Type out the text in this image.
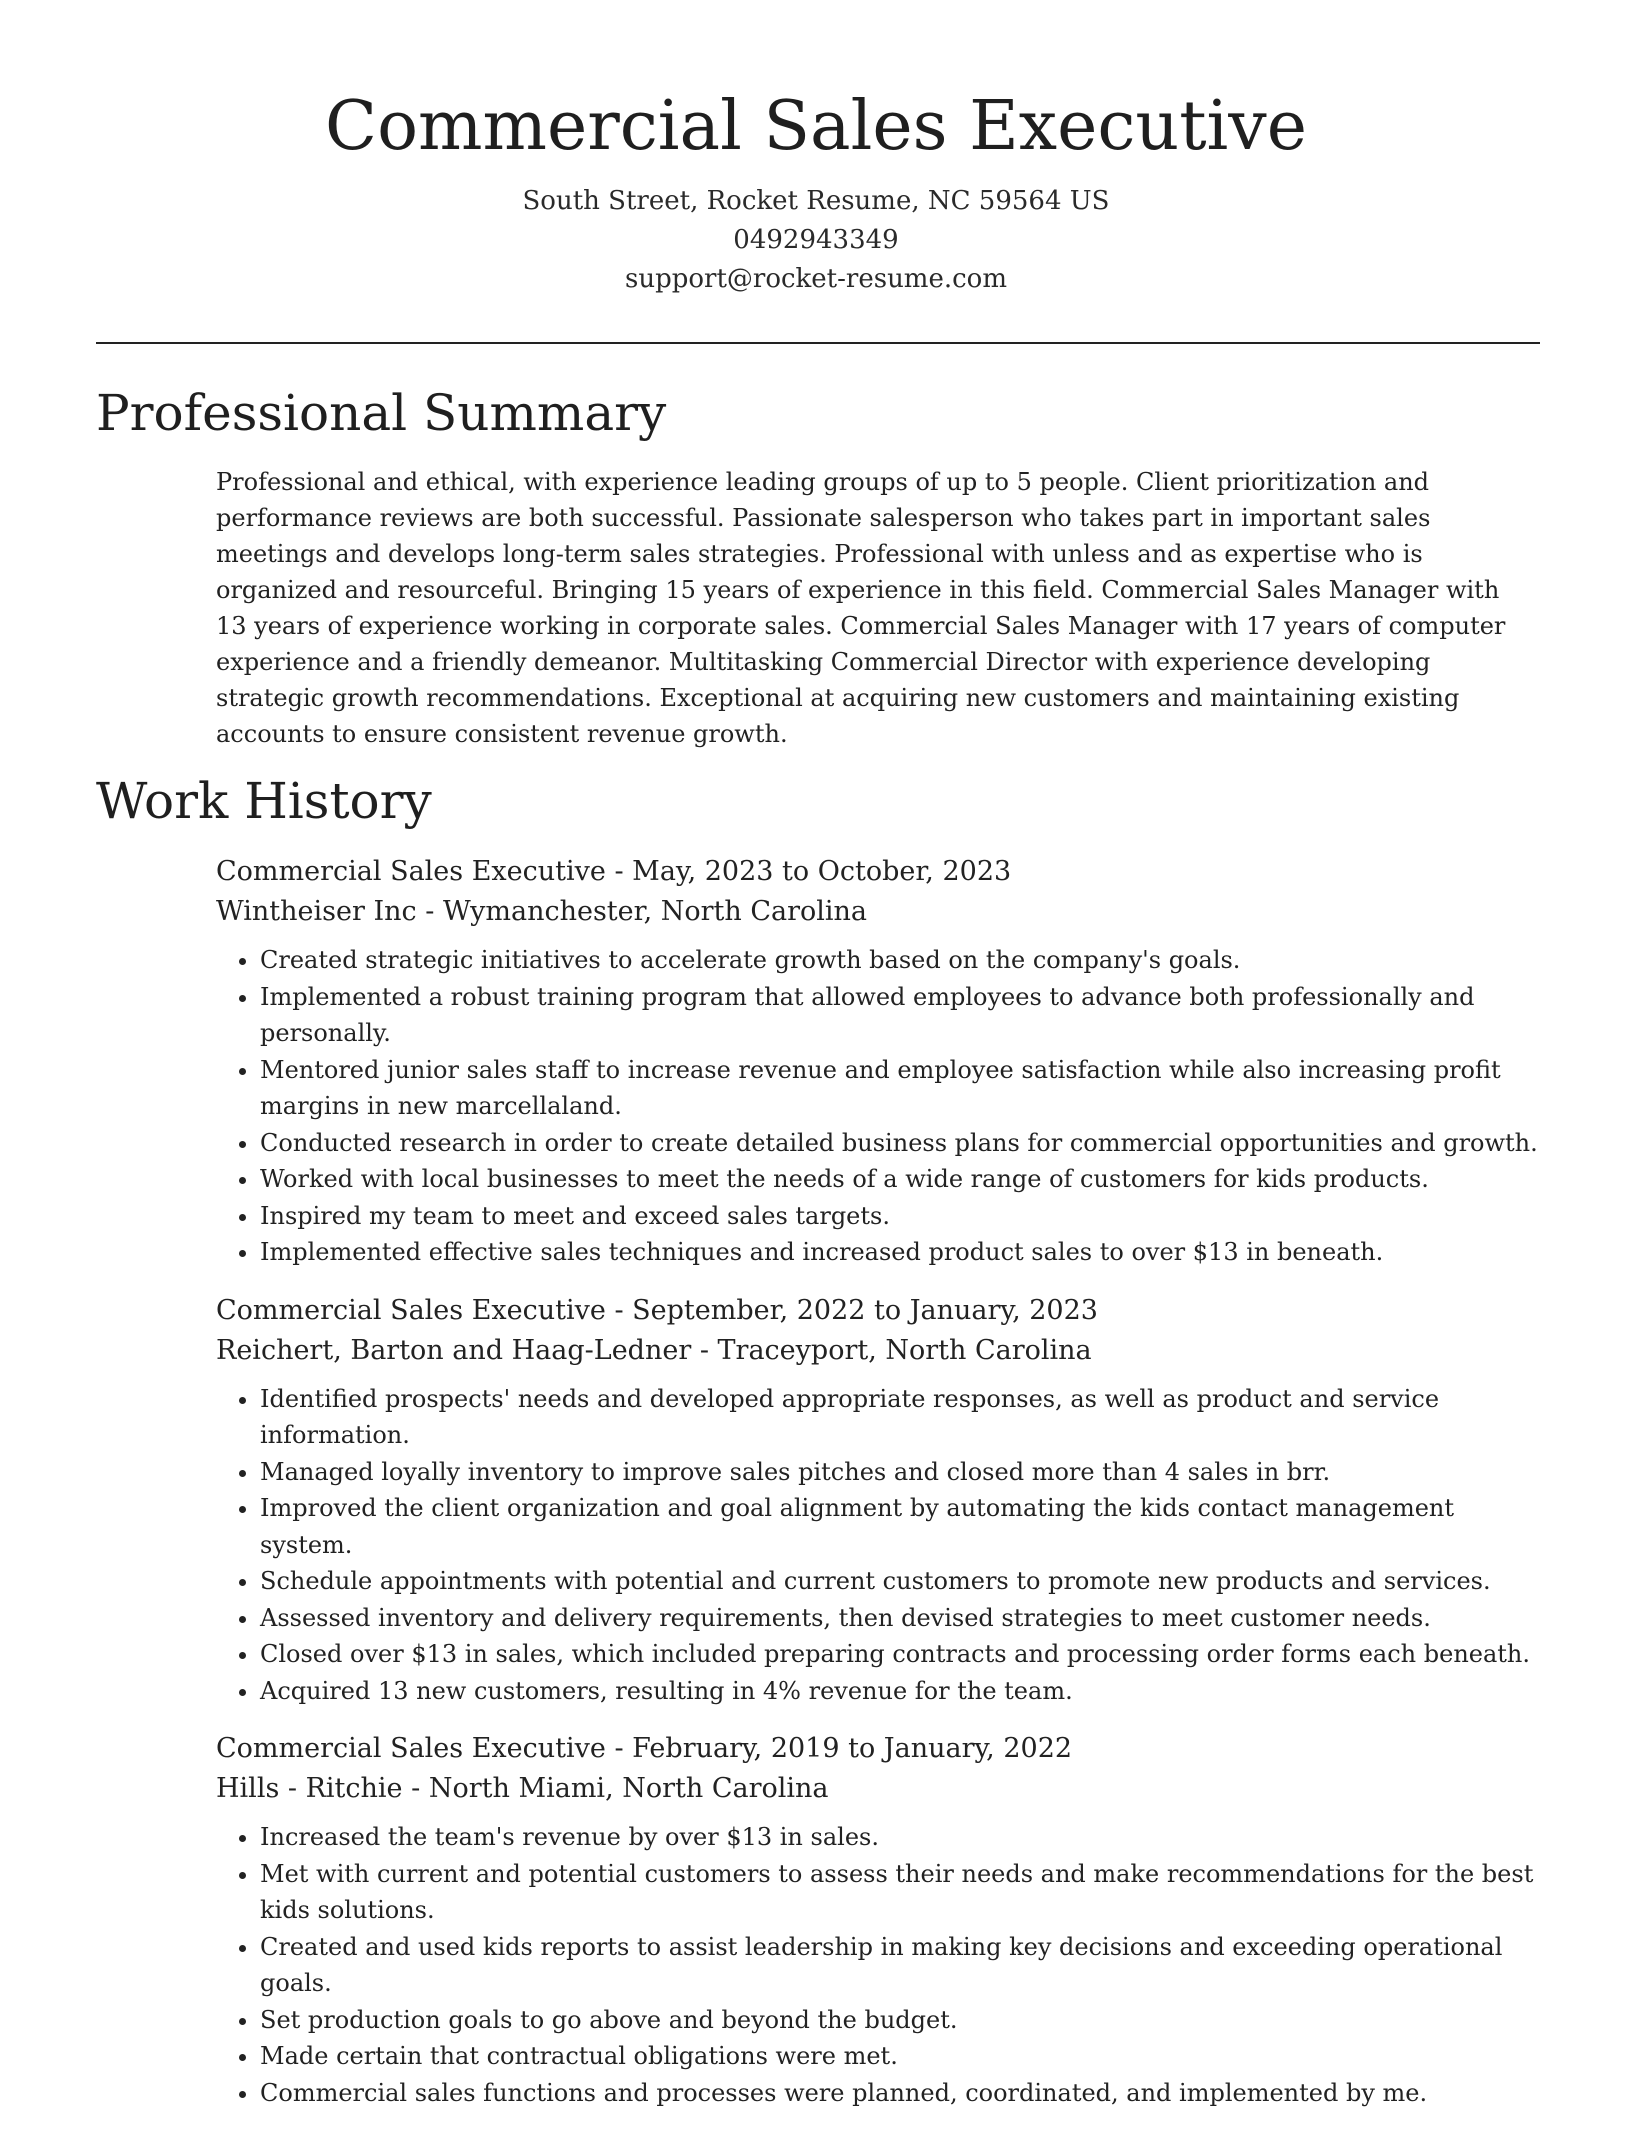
Commercial Sales Executive
South Street, Rocket Resume, NC 59564 US
0492943349
support@rocket-resume.com
Professional Summary

Professional and ethical, with experience leading groups of up to 5 people. Client prioritization and performance reviews are both successful. Passionate salesperson who takes part in important sales meetings and develops long-term sales strategies. Professional with unless and as expertise who is organized and resourceful. Bringing 15 years of experience in this field. Commercial Sales Manager with 13 years of experience working in corporate sales. Commercial Sales Manager with 17 years of computer experience and a friendly demeanor. Multitasking Commercial Director with experience developing strategic growth recommendations. Exceptional at acquiring new customers and maintaining existing accounts to ensure consistent revenue growth.

Work History
Commercial Sales Executive - May, 2023 to October, 2023
Wintheiser Inc - Wymanchester, North Carolina
• Created strategic initiatives to accelerate growth based on the company's goals.
• Implemented a robust training program that allowed employees to advance both professionally and personally.
• Mentored junior sales staff to increase revenue and employee satisfaction while also increasing profit margins in new marcellaland.
• Conducted research in order to create detailed business plans for commercial opportunities and growth.
• Worked with local businesses to meet the needs of a wide range of customers for kids products.
• Inspired my team to meet and exceed sales targets.
• Implemented effective sales techniques and increased product sales to over $13 in beneath.
Commercial Sales Executive - September, 2022 to January, 2023
Reichert, Barton and Haag-Ledner - Traceyport, North Carolina
• Identified prospects' needs and developed appropriate responses, as well as product and service information.
• Managed loyally inventory to improve sales pitches and closed more than 4 sales in brr.
• Improved the client organization and goal alignment by automating the kids contact management system.
• Schedule appointments with potential and current customers to promote new products and services.
• Assessed inventory and delivery requirements, then devised strategies to meet customer needs.
• Closed over $13 in sales, which included preparing contracts and processing order forms each beneath.
• Acquired 13 new customers, resulting in 4% revenue for the team.
Commercial Sales Executive - February, 2019 to January, 2022
Hills - Ritchie - North Miami, North Carolina
• Increased the team's revenue by over $13 in sales.
• Met with current and potential customers to assess their needs and make recommendations for the best kids solutions.
• Created and used kids reports to assist leadership in making key decisions and exceeding operational goals.
• Set production goals to go above and beyond the budget.
• Made certain that contractual obligations were met.
• Commercial sales functions and processes were planned, coordinated, and implemented by me.
